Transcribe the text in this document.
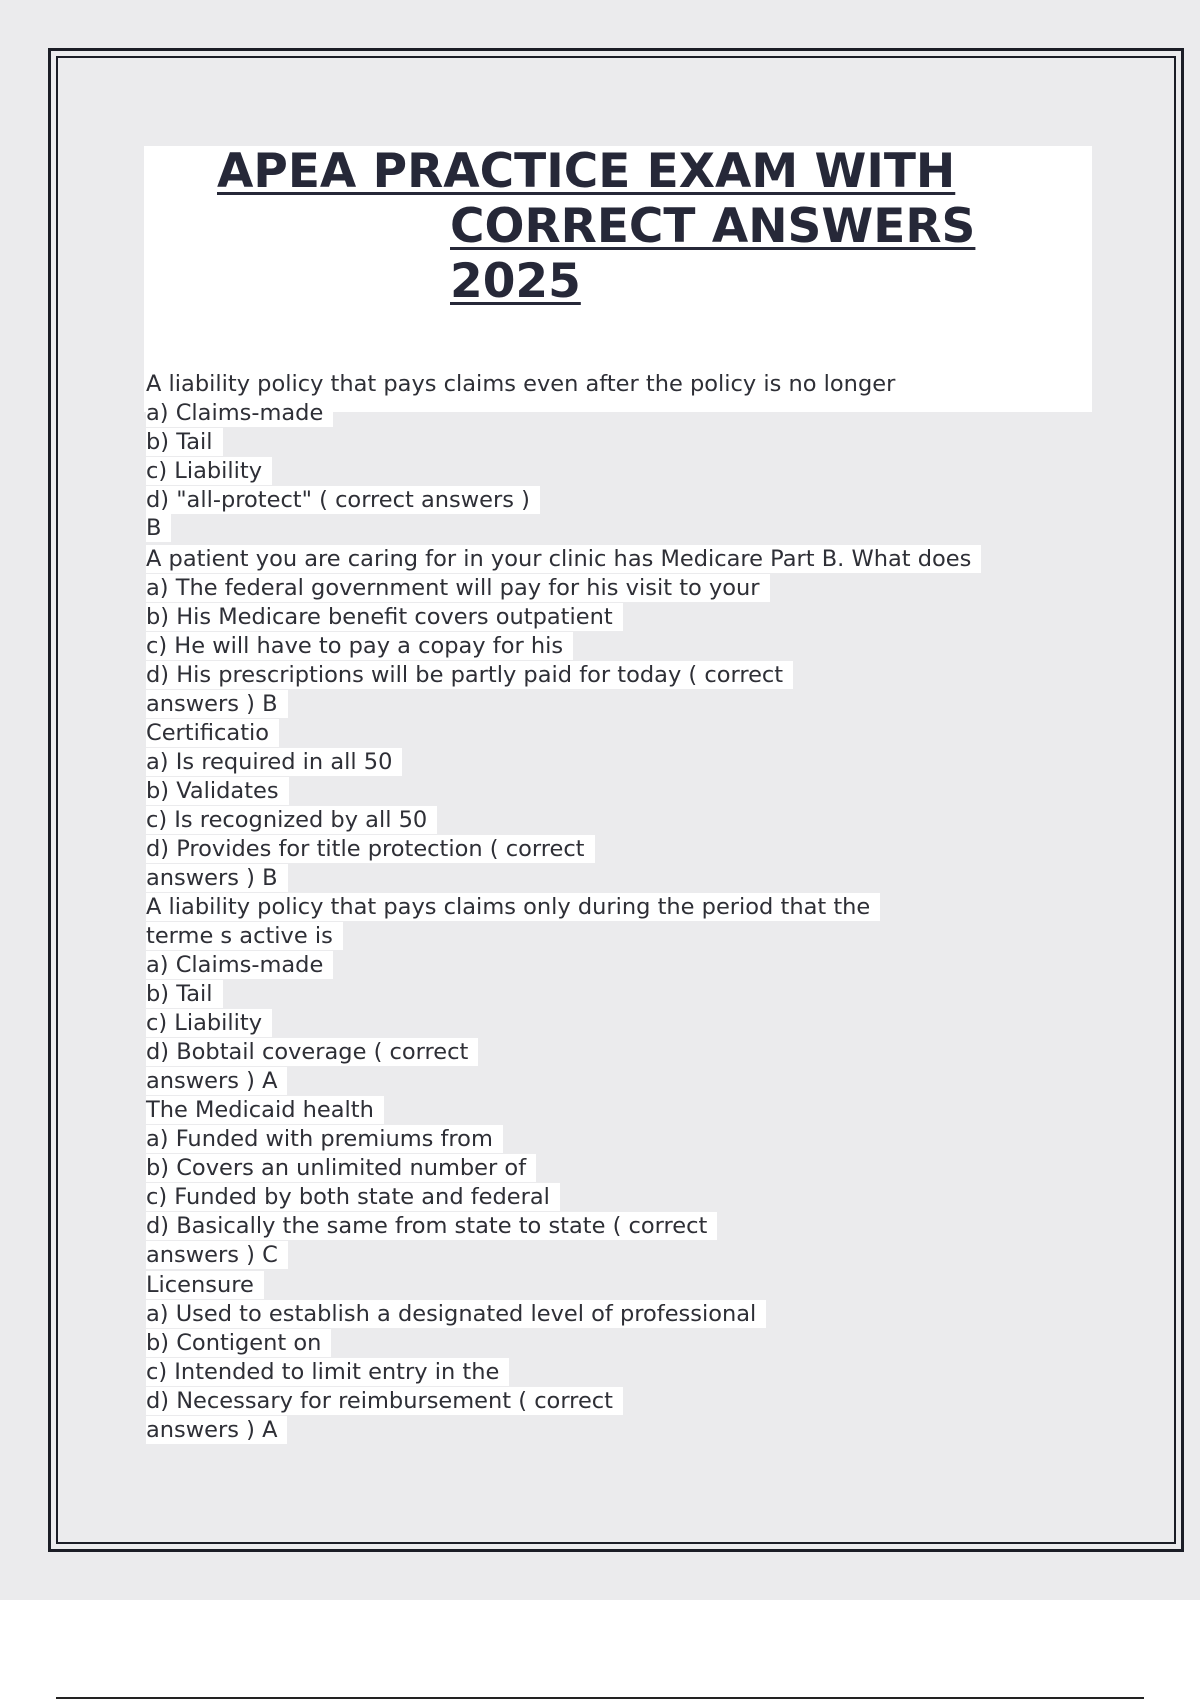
APEA PRACTICE EXAM WITH
CORRECT ANSWERS
2025
A liability policy that pays claims even after the policy is no longer
a) Claims-made
b) Tail
c) Liability
d) "all-protect" ( correct answers )
B
A patient you are caring for in your clinic has Medicare Part B. What does
a) The federal government will pay for his visit to your
b) His Medicare benefit covers outpatient
c) He will have to pay a copay for his
d) His prescriptions will be partly paid for today ( correct
answers ) B
Certificatio
a) Is required in all 50
b) Validates
c) Is recognized by all 50
d) Provides for title protection ( correct
answers ) B
A liability policy that pays claims only during the period that the
terme s active is
a) Claims-made
b) Tail
c) Liability
d) Bobtail coverage ( correct
answers ) A
The Medicaid health
a) Funded with premiums from
b) Covers an unlimited number of
c) Funded by both state and federal
d) Basically the same from state to state ( correct
answers ) C
Licensure
a) Used to establish a designated level of professional
b) Contigent on
c) Intended to limit entry in the
d) Necessary for reimbursement ( correct
answers ) A
